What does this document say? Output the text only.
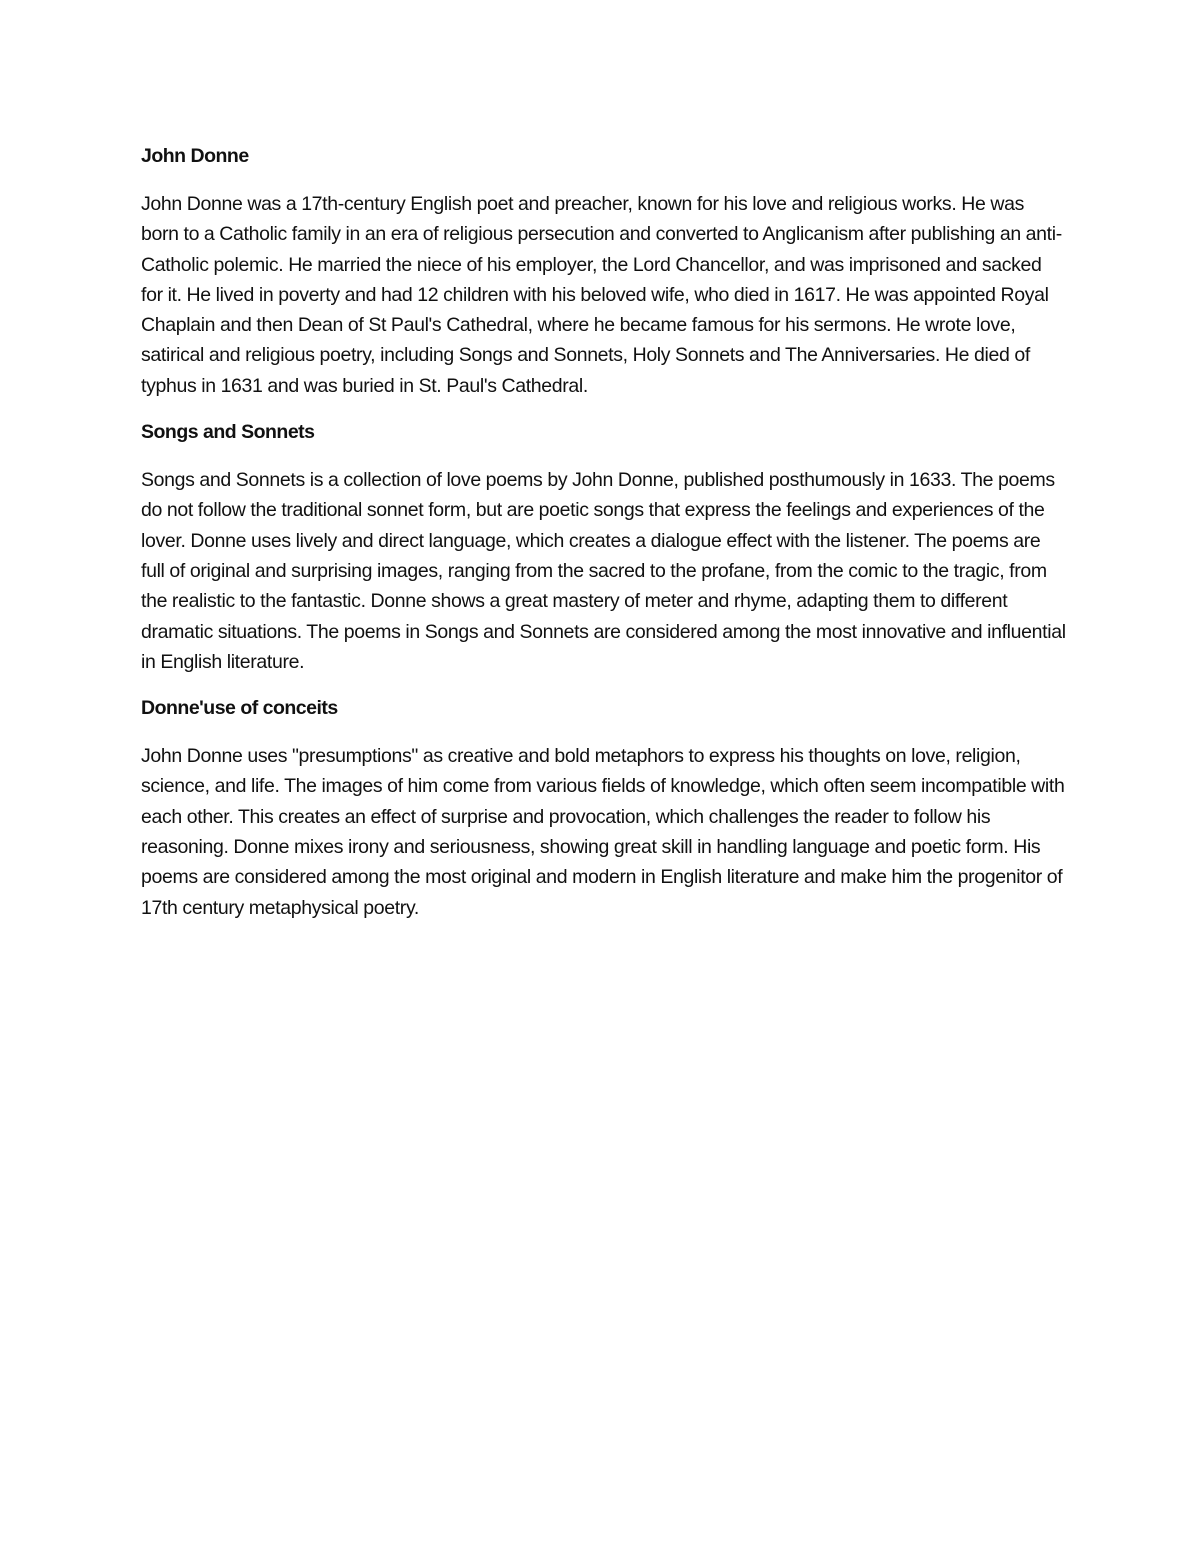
John Donne

John Donne was a 17th-century English poet and preacher, known for his love and religious works. He was born to a Catholic family in an era of religious persecution and converted to Anglicanism after publishing an anti-Catholic polemic. He married the niece of his employer, the Lord Chancellor, and was imprisoned and sacked for it. He lived in poverty and had 12 children with his beloved wife, who died in 1617. He was appointed Royal Chaplain and then Dean of St Paul's Cathedral, where he became famous for his sermons. He wrote love, satirical and religious poetry, including Songs and Sonnets, Holy Sonnets and The Anniversaries. He died of typhus in 1631 and was buried in St. Paul's Cathedral.

Songs and Sonnets

Songs and Sonnets is a collection of love poems by John Donne, published posthumously in 1633. The poems do not follow the traditional sonnet form, but are poetic songs that express the feelings and experiences of the lover. Donne uses lively and direct language, which creates a dialogue effect with the listener. The poems are full of original and surprising images, ranging from the sacred to the profane, from the comic to the tragic, from the realistic to the fantastic. Donne shows a great mastery of meter and rhyme, adapting them to different dramatic situations. The poems in Songs and Sonnets are considered among the most innovative and influential in English literature.

Donne'use of conceits

John Donne uses "presumptions" as creative and bold metaphors to express his thoughts on love, religion, science, and life. The images of him come from various fields of knowledge, which often seem incompatible with each other. This creates an effect of surprise and provocation, which challenges the reader to follow his reasoning. Donne mixes irony and seriousness, showing great skill in handling language and poetic form. His poems are considered among the most original and modern in English literature and make him the progenitor of 17th century metaphysical poetry.
